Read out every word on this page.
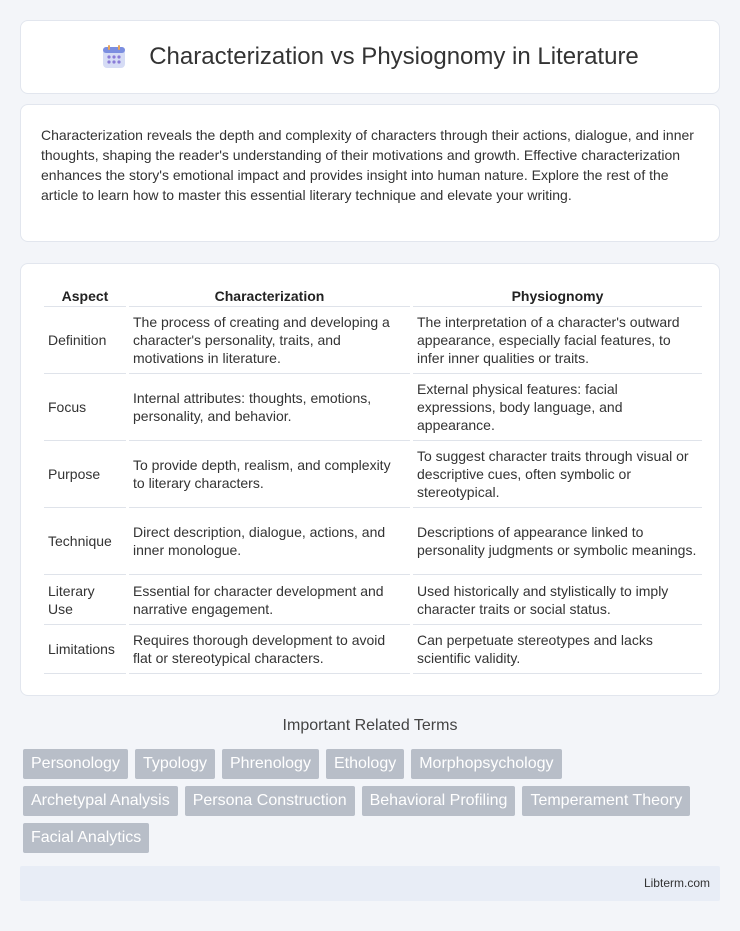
Characterization vs Physiognomy in Literature

Characterization reveals the depth and complexity of characters through their actions, dialogue, and inner thoughts, shaping the reader's understanding of their motivations and growth. Effective characterization enhances the story's emotional impact and provides insight into human nature. Explore the rest of the article to learn how to master this essential literary technique and elevate your writing.

Aspect	Characterization	Physiognomy
Definition	The process of creating and developing a character's personality, traits, and motivations in literature.	The interpretation of a character's outward appearance, especially facial features, to infer inner qualities or traits.
Focus	Internal attributes: thoughts, emotions, personality, and behavior.	External physical features: facial expressions, body language, and appearance.
Purpose	To provide depth, realism, and complexity to literary characters.	To suggest character traits through visual or descriptive cues, often symbolic or stereotypical.
Technique	Direct description, dialogue, actions, and inner monologue.	Descriptions of appearance linked to personality judgments or symbolic meanings.
Literary Use	Essential for character development and narrative engagement.	Used historically and stylistically to imply character traits or social status.
Limitations	Requires thorough development to avoid flat or stereotypical characters.	Can perpetuate stereotypes and lacks scientific validity.
Important Related Terms
Personology	Typology	Phrenology	Ethology	Morphopsychology
Archetypal Analysis	Persona Construction	Behavioral Profiling	Temperament Theory
Facial Analytics
Libterm.com
